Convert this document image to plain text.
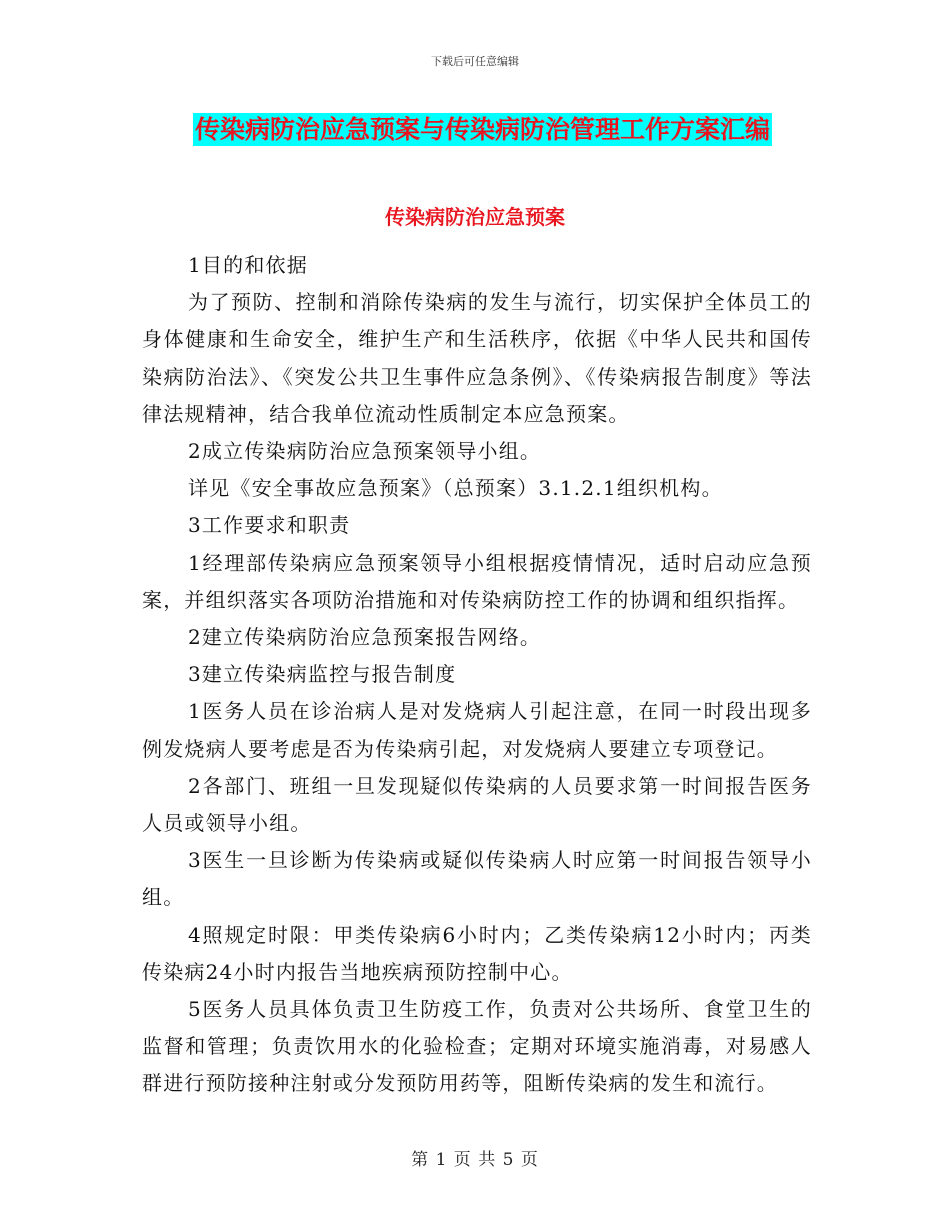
下载后可任意编辑
传染病防治应急预案与传染病防治管理工作方案汇编
传染病防治应急预案

1目的和依据

为了预防、控制和消除传染病的发生与流行，切实保护全体员工的身体健康和生命安全，维护生产和生活秩序，依据《中华人民共和国传染病防治法》、《突发公共卫生事件应急条例》、《传染病报告制度》等法律法规精神，结合我单位流动性质制定本应急预案。

2成立传染病防治应急预案领导小组。

详见《安全事故应急预案》（总预案）3.1.2.1组织机构。

3工作要求和职责

1经理部传染病应急预案领导小组根据疫情情况，适时启动应急预案，并组织落实各项防治措施和对传染病防控工作的协调和组织指挥。

2建立传染病防治应急预案报告网络。

3建立传染病监控与报告制度

1医务人员在诊治病人是对发烧病人引起注意，在同一时段出现多例发烧病人要考虑是否为传染病引起，对发烧病人要建立专项登记。

2各部门、班组一旦发现疑似传染病的人员要求第一时间报告医务人员或领导小组。

3医生一旦诊断为传染病或疑似传染病人时应第一时间报告领导小组。

4照规定时限：甲类传染病6小时内；乙类传染病12小时内；丙类传染病24小时内报告当地疾病预防控制中心。

5医务人员具体负责卫生防疫工作，负责对公共场所、食堂卫生的监督和管理；负责饮用水的化验检查；定期对环境实施消毒，对易感人群进行预防接种注射或分发预防用药等，阻断传染病的发生和流行。

第 1 页 共 5 页
